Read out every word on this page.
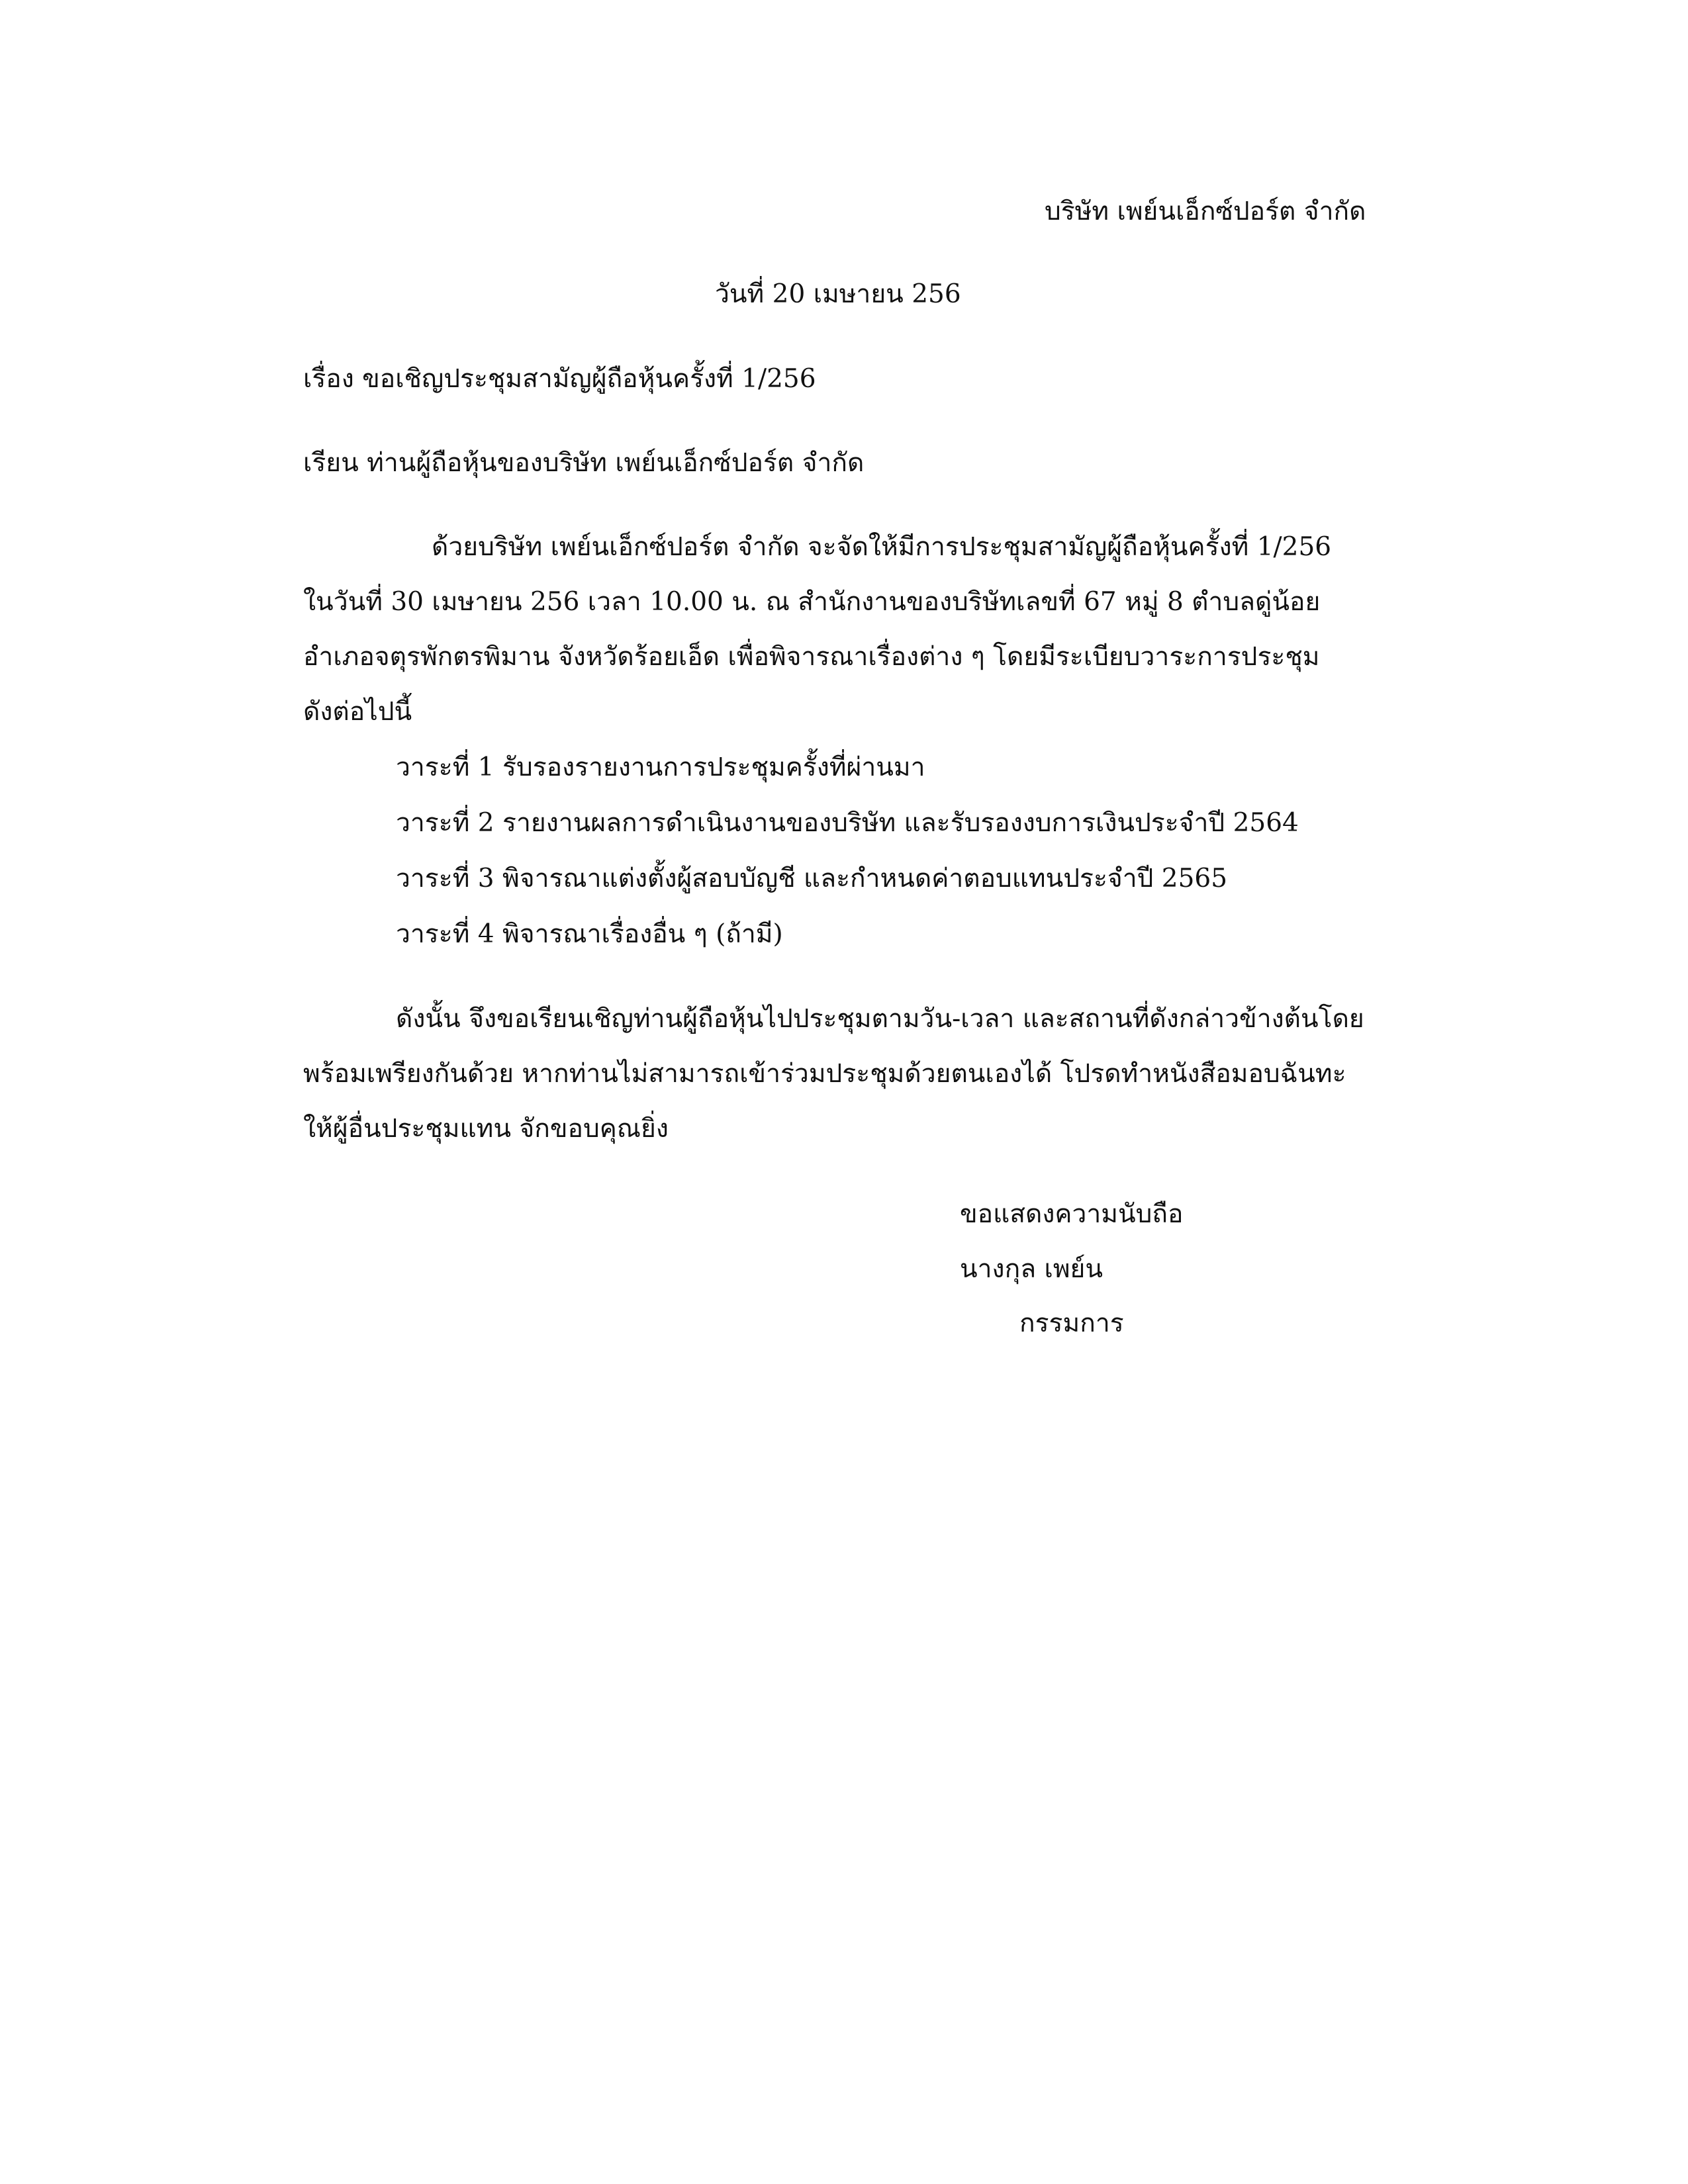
บริษัท เพย์นเอ็กซ์ปอร์ต จำกัด
วันที่ 20 เมษายน 256
เรื่อง ขอเชิญประชุมสามัญผู้ถือหุ้นครั้งที่ 1/256
เรียน ท่านผู้ถือหุ้นของบริษัท เพย์นเอ็กซ์ปอร์ต จำกัด
ด้วยบริษัท เพย์นเอ็กซ์ปอร์ต จำกัด จะจัดให้มีการประชุมสามัญผู้ถือหุ้นครั้งที่ 1/256
ในวันที่ 30 เมษายน 256 เวลา 10.00 น. ณ สำนักงานของบริษัทเลขที่ 67 หมู่ 8 ตำบลดู่น้อย
อำเภอจตุรพักตรพิมาน จังหวัดร้อยเอ็ด เพื่อพิจารณาเรื่องต่าง ๆ โดยมีระเบียบวาระการประชุม
ดังต่อไปนี้
วาระที่ 1 รับรองรายงานการประชุมครั้งที่ผ่านมา
วาระที่ 2 รายงานผลการดำเนินงานของบริษัท และรับรองงบการเงินประจำปี 2564
วาระที่ 3 พิจารณาแต่งตั้งผู้สอบบัญชี และกำหนดค่าตอบแทนประจำปี 2565
วาระที่ 4 พิจารณาเรื่องอื่น ๆ (ถ้ามี)
ดังนั้น จึงขอเรียนเชิญท่านผู้ถือหุ้นไปประชุมตามวัน-เวลา และสถานที่ดังกล่าวข้างต้นโดย
พร้อมเพรียงกันด้วย หากท่านไม่สามารถเข้าร่วมประชุมด้วยตนเองได้ โปรดทำหนังสือมอบฉันทะ
ให้ผู้อื่นประชุมแทน จักขอบคุณยิ่ง
ขอแสดงความนับถือ
นางกุล เพย์น
กรรมการ
